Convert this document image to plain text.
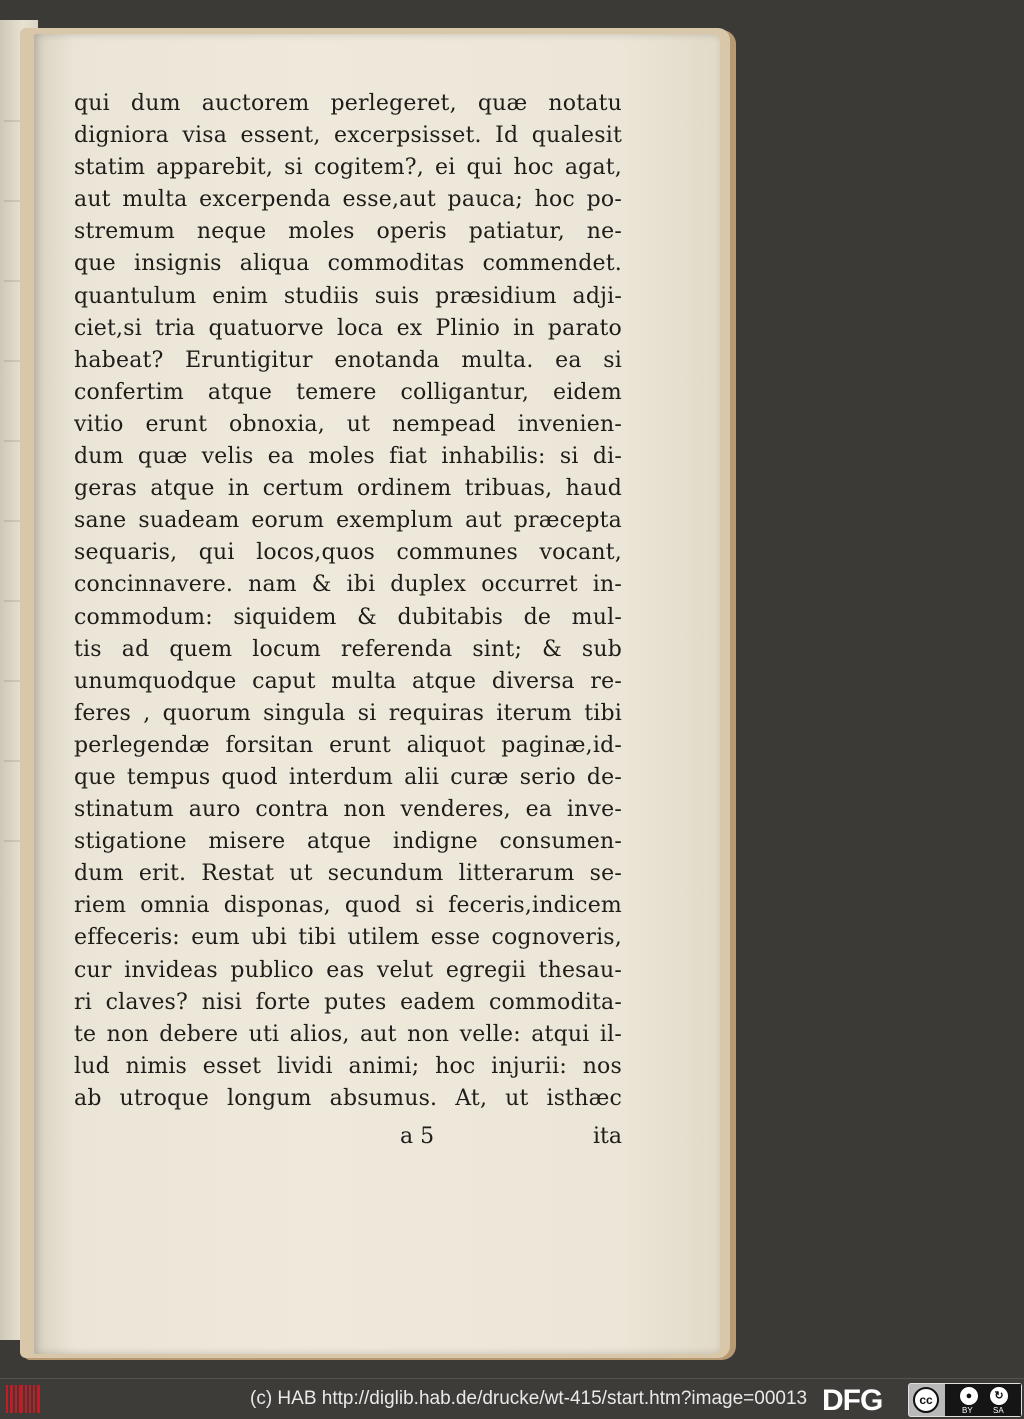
qui dum auctorem perlegeret, quæ notatu
digniora visa essent, excerpsisset. Id qualesit
statim apparebit, si cogitem?, ei qui hoc agat,
aut multa excerpenda esse,aut pauca; hoc po-
stremum neque moles operis patiatur, ne-
que insignis aliqua commoditas commendet.
quantulum enim studiis suis præsidium adji-
ciet,si tria quatuorve loca ex Plinio in parato
habeat? Eruntigitur enotanda multa. ea si
confertim atque temere colligantur, eidem
vitio erunt obnoxia, ut nempead invenien-
dum quæ velis ea moles fiat inhabilis: si di-
geras atque in certum ordinem tribuas, haud
sane suadeam eorum exemplum aut præcepta
sequaris, qui locos,quos communes vocant,
concinnavere. nam & ibi duplex occurret in-
commodum: siquidem & dubitabis de mul-
tis ad quem locum referenda sint; & sub
unumquodque caput multa atque diversa re-
feres , quorum singula si requiras iterum tibi
perlegendæ forsitan erunt aliquot paginæ,id-
que tempus quod interdum alii curæ serio de-
stinatum auro contra non venderes, ea inve-
stigatione misere atque indigne consumen-
dum erit. Restat ut secundum litterarum se-
riem omnia disponas, quod si feceris,indicem
effeceris: eum ubi tibi utilem esse cognoveris,
cur invideas publico eas velut egregii thesau-
ri claves? nisi forte putes eadem commodita-
te non debere uti alios, aut non velle: atqui il-
lud nimis esset lividi animi; hoc injurii: nos
ab utroque longum absumus. At, ut isthæc
a 5	ita
(c) HAB http://diglib.hab.de/drucke/wt-415/start.htm?image=00013 DFG	cc	●	↻
BY	SA
